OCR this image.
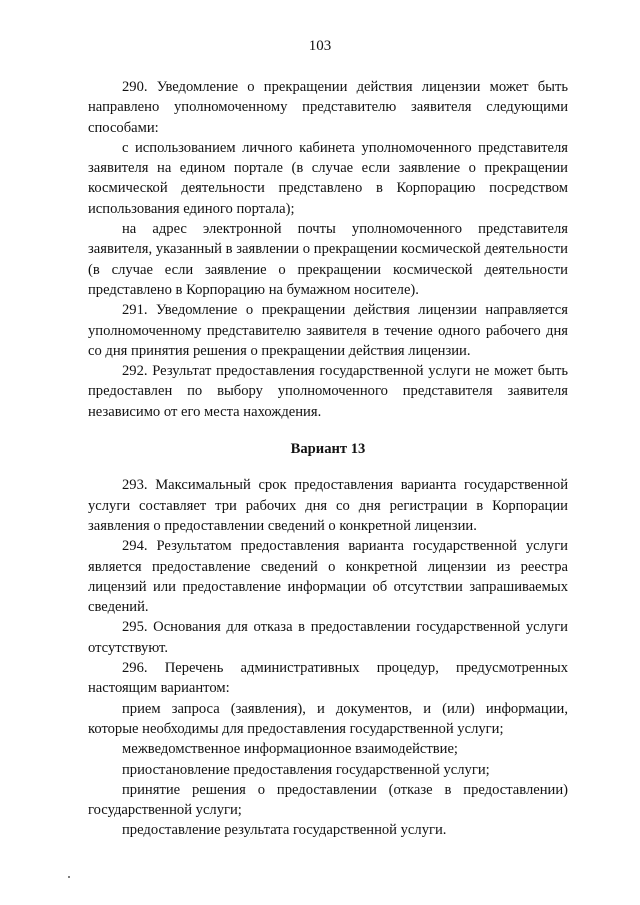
103

290. Уведомление о прекращении действия лицензии может быть направлено уполномоченному представителю заявителя следующими способами:

с использованием личного кабинета уполномоченного представителя заявителя на едином портале (в случае если заявление о прекращении космической деятельности представлено в Корпорацию посредством использования единого портала);

на адрес электронной почты уполномоченного представителя заявителя, указанный в заявлении о прекращении космической деятельности (в случае если заявление о прекращении космической деятельности представлено в Корпорацию на бумажном носителе).

291. Уведомление о прекращении действия лицензии направляется уполномоченному представителю заявителя в течение одного рабочего дня со дня принятия решения о прекращении действия лицензии.

292. Результат предоставления государственной услуги не может быть предоставлен по выбору уполномоченного представителя заявителя независимо от его места нахождения.

Вариант 13

293. Максимальный срок предоставления варианта государственной услуги составляет три рабочих дня со дня регистрации в Корпорации заявления о предоставлении сведений о конкретной лицензии.

294. Результатом предоставления варианта государственной услуги является предоставление сведений о конкретной лицензии из реестра лицензий или предоставление информации об отсутствии запрашиваемых сведений.

295. Основания для отказа в предоставлении государственной услуги отсутствуют.

296. Перечень административных процедур, предусмотренных настоящим вариантом:

прием запроса (заявления), и документов, и (или) информации, которые необходимы для предоставления государственной услуги;

межведомственное информационное взаимодействие;

приостановление предоставления государственной услуги;

принятие решения о предоставлении (отказе в предоставлении) государственной услуги;

предоставление результата государственной услуги.
